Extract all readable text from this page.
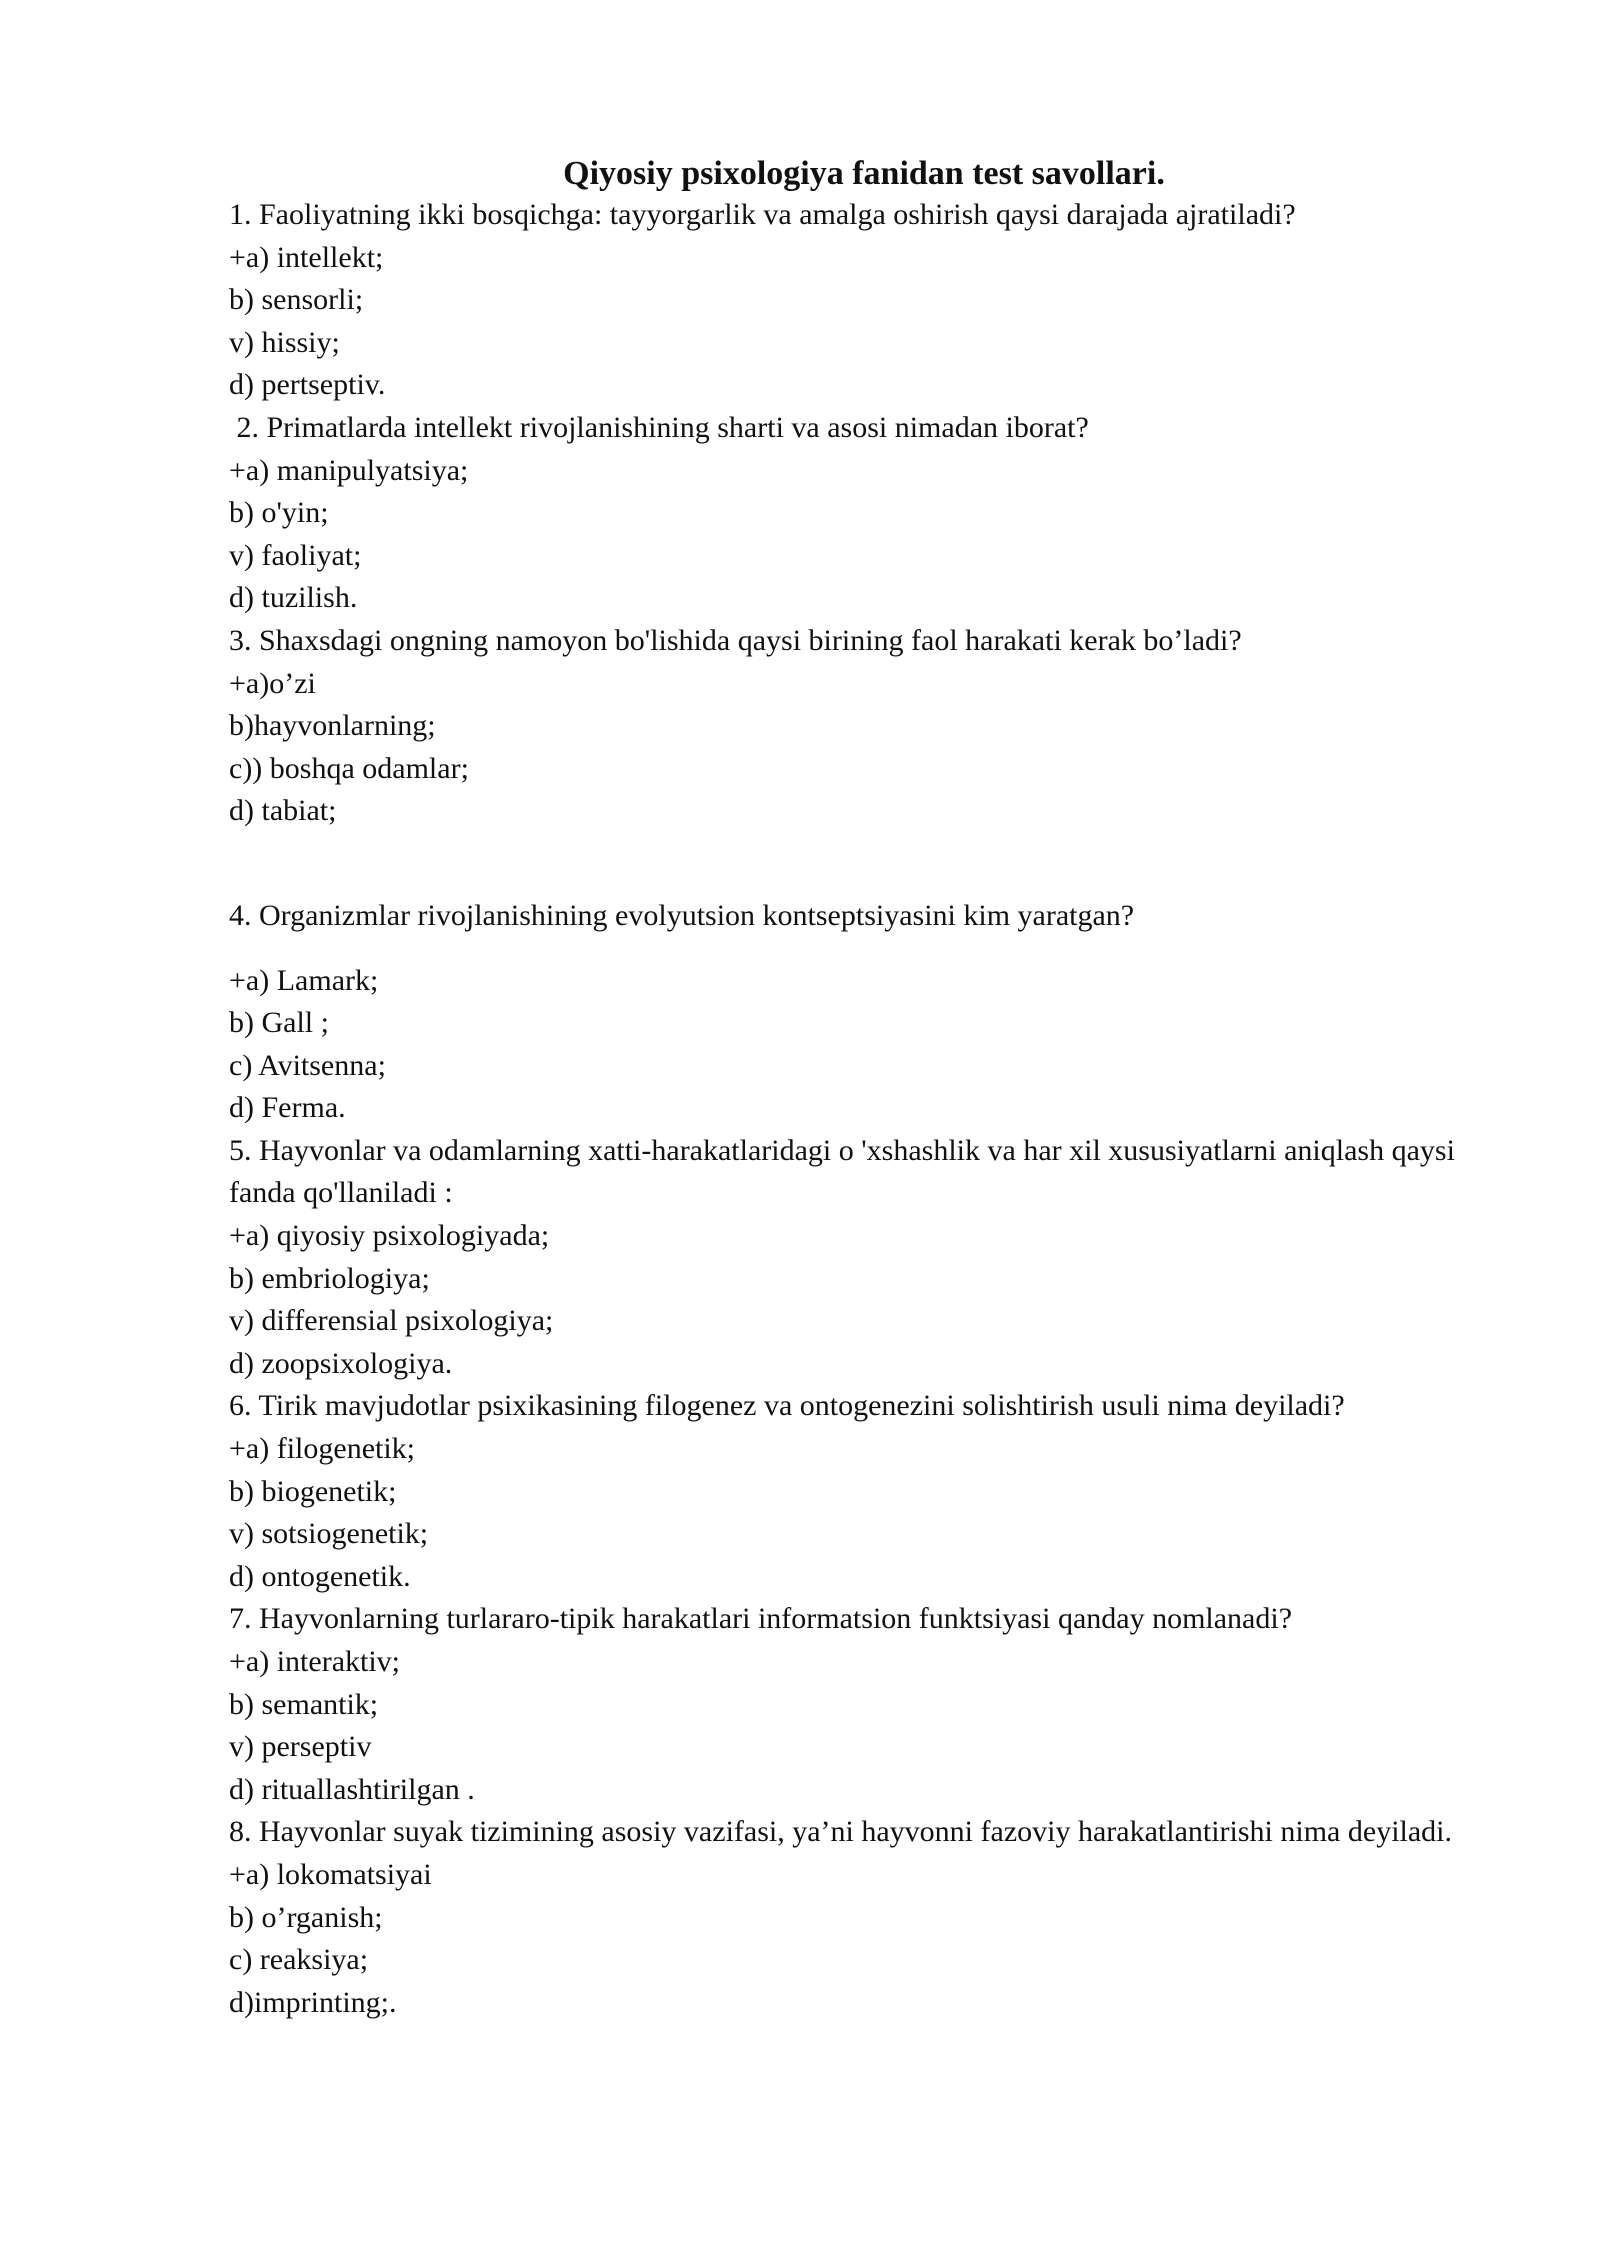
Qiyosiy psixologiya fanidan test savollari.
1. Faoliyatning ikki bosqichga: tayyorgarlik va amalga oshirish qaysi darajada ajratiladi?
+a) intellekt;
b) sensorli;
v) hissiy;
d) pertseptiv.
2. Primatlarda intellekt rivojlanishining sharti va asosi nimadan iborat?
+a) manipulyatsiya;
b) o'yin;
v) faoliyat;
d) tuzilish.
3. Shaxsdagi ongning namoyon bo'lishida qaysi birining faol harakati kerak bo’ladi?
+a)o’zi
b)hayvonlarning;
c)) boshqa odamlar;
d) tabiat;
4. Organizmlar rivojlanishining evolyutsion kontseptsiyasini kim yaratgan?
+a) Lamark;
b) Gall ;
c) Avitsenna;
d) Ferma.
5. Hayvonlar va odamlarning xatti-harakatlaridagi o 'xshashlik va har xil xususiyatlarni aniqlash qaysi fanda qo'llaniladi :
+a) qiyosiy psixologiyada;
b) embriologiya;
v) differensial psixologiya;
d) zoopsixologiya.
6. Tirik mavjudotlar psixikasining filogenez va ontogenezini solishtirish usuli nima deyiladi?
+a) filogenetik;
b) biogenetik;
v) sotsiogenetik;
d) ontogenetik.
7. Hayvonlarning turlararo-tipik harakatlari informatsion funktsiyasi qanday nomlanadi?
+a) interaktiv;
b) semantik;
v) perseptiv
d) rituallashtirilgan .
8. Hayvonlar suyak tizimining asosiy vazifasi, ya’ni hayvonni fazoviy harakatlantirishi nima deyiladi.
+a) lokomatsiyai
b) o’rganish;
c) reaksiya;
d)imprinting;.
